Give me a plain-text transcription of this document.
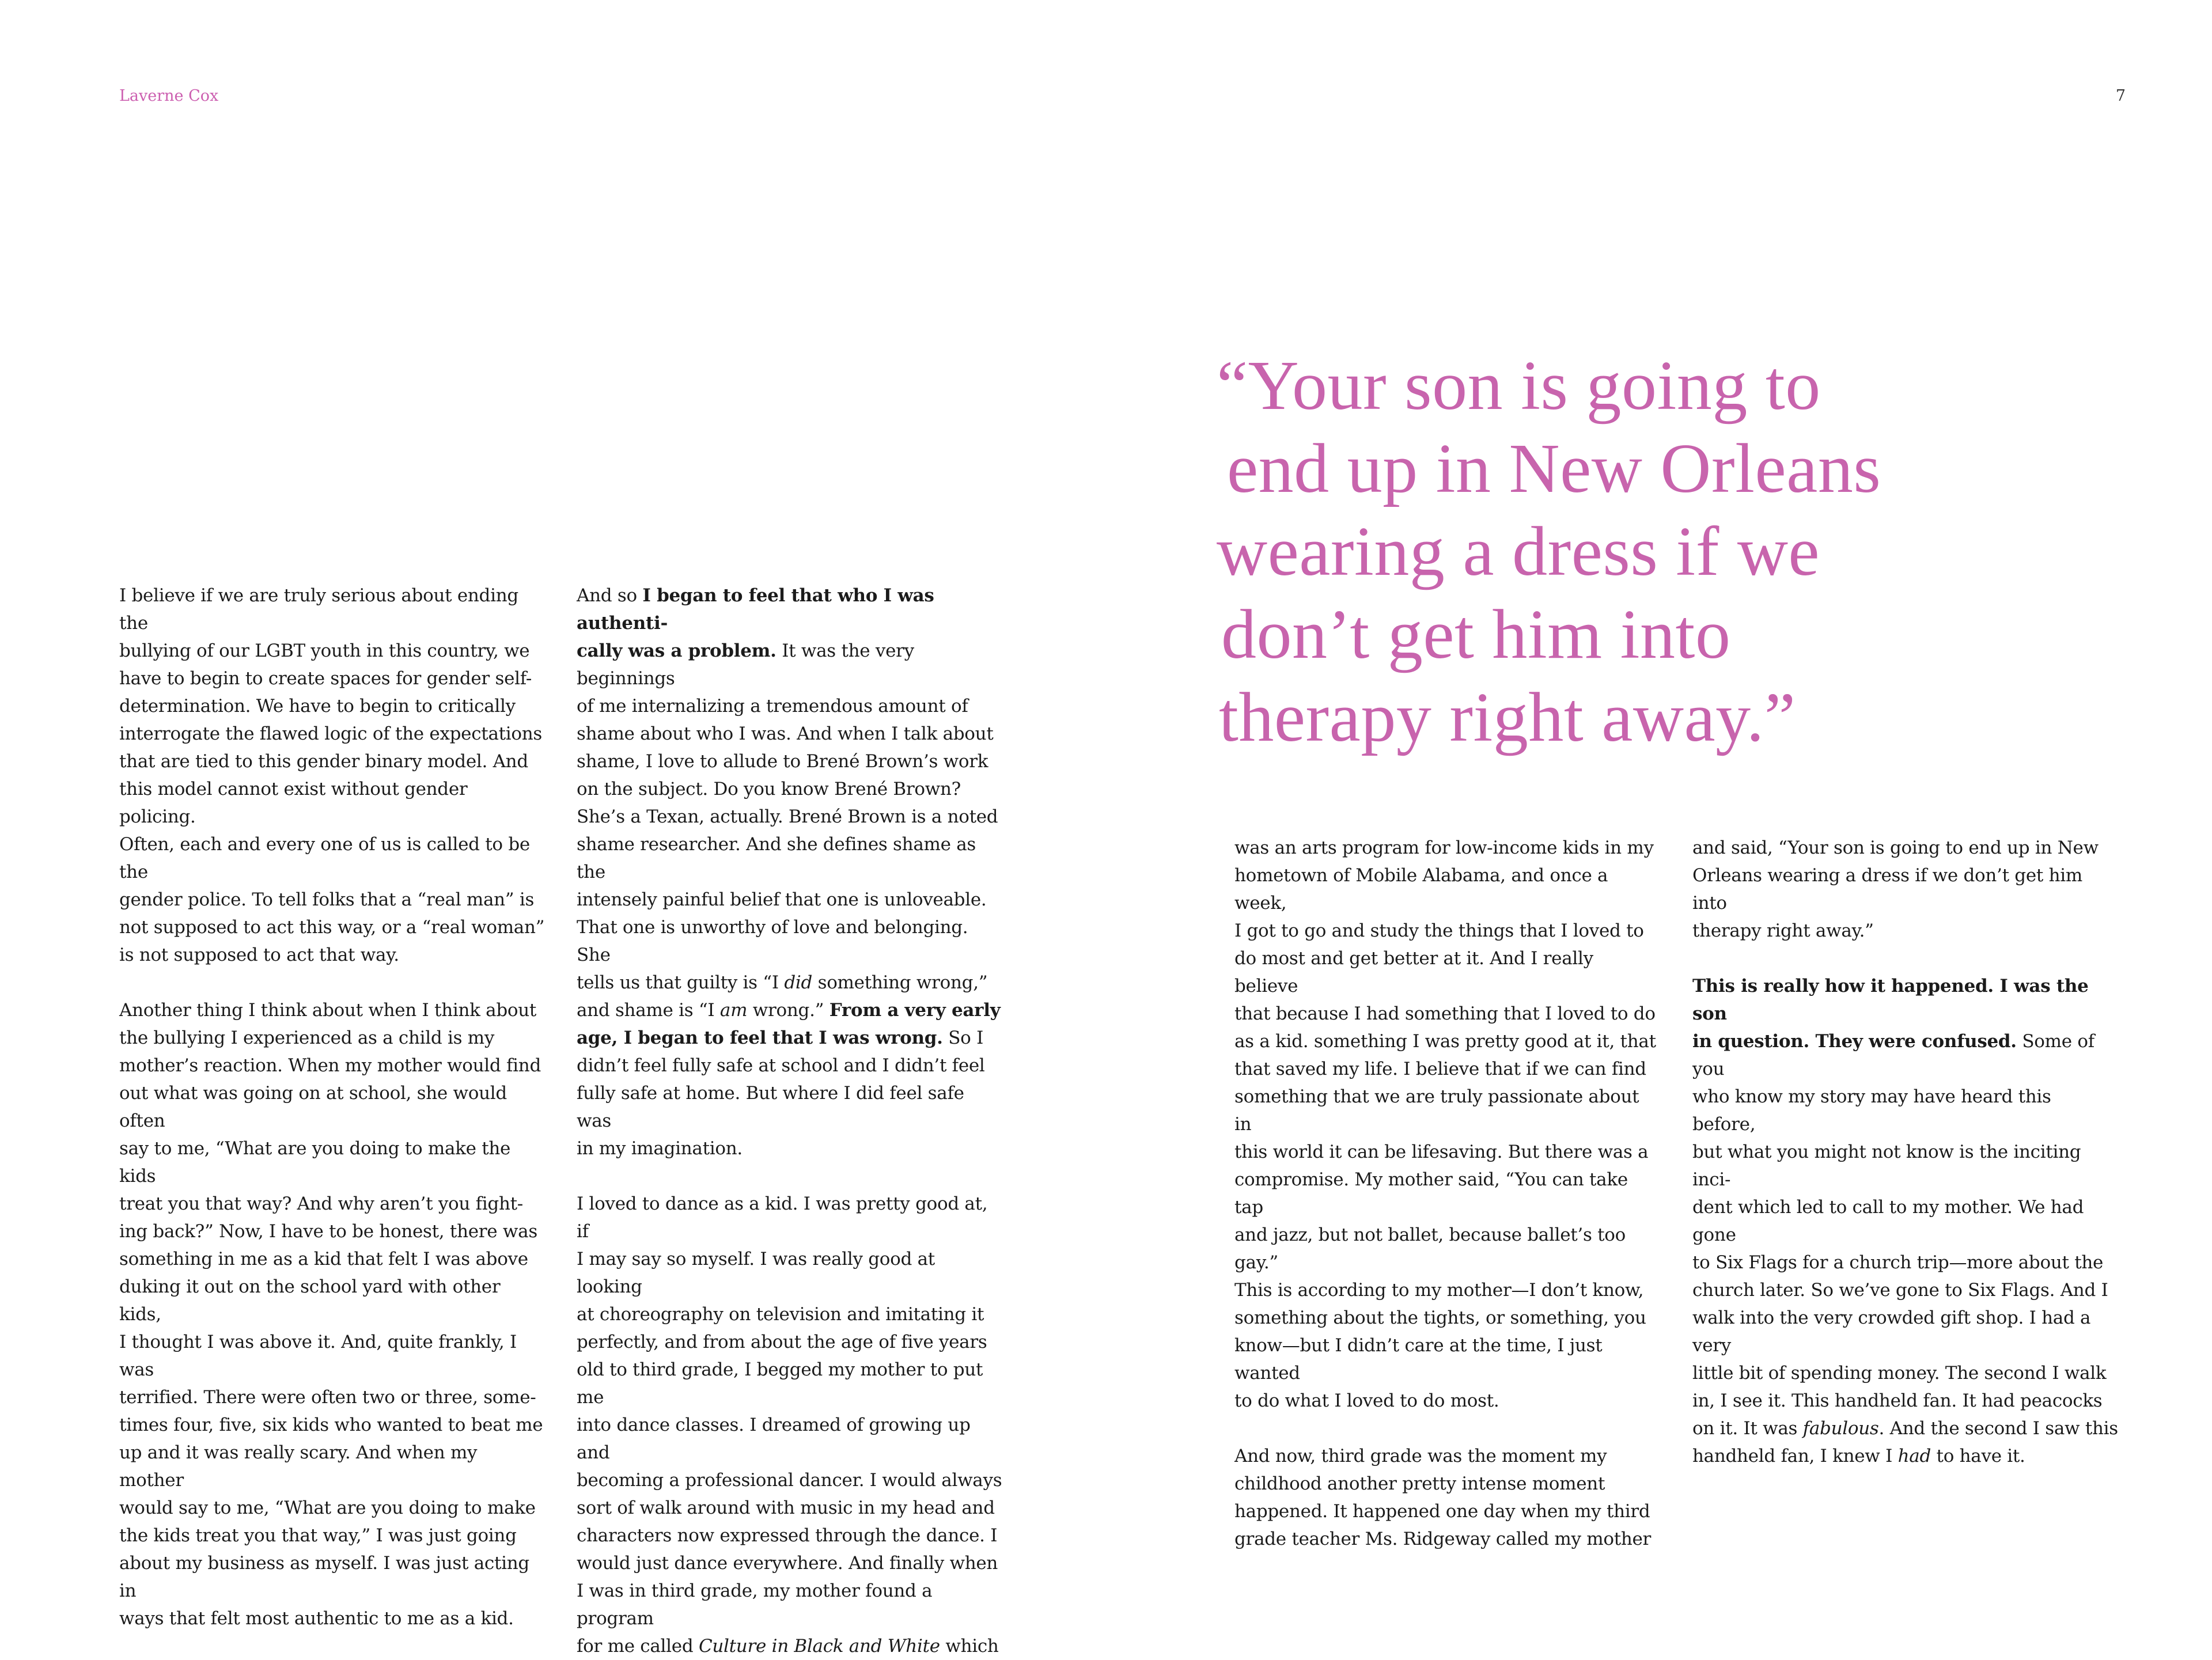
Laverne Cox	7

I believe if we are truly serious about ending the
bullying of our LGBT youth in this country, we
have to begin to create spaces for gender self-
determination. We have to begin to critically
interrogate the flawed logic of the expectations
that are tied to this gender binary model. And
this model cannot exist without gender policing.
Often, each and every one of us is called to be the
gender police. To tell folks that a “real man” is
not supposed to act this way, or a “real woman”
is not supposed to act that way.

Another thing I think about when I think about
the bullying I experienced as a child is my
mother’s reaction. When my mother would find
out what was going on at school, she would often
say to me, “What are you doing to make the kids
treat you that way? And why aren’t you fight-
ing back?” Now, I have to be honest, there was
something in me as a kid that felt I was above
duking it out on the school yard with other kids,
I thought I was above it. And, quite frankly, I was
terrified. There were often two or three, some-
times four, five, six kids who wanted to beat me
up and it was really scary. And when my mother
would say to me, “What are you doing to make
the kids treat you that way,” I was just going
about my business as myself. I was just acting in
ways that felt most authentic to me as a kid.

And so I began to feel that who I was authenti-
cally was a problem. It was the very beginnings
of me internalizing a tremendous amount of
shame about who I was. And when I talk about
shame, I love to allude to Brené Brown’s work
on the subject. Do you know Brené Brown?
She’s a Texan, actually. Brené Brown is a noted
shame researcher. And she defines shame as the
intensely painful belief that one is unloveable.
That one is unworthy of love and belonging. She
tells us that guilty is “I did something wrong,”
and shame is “I am wrong.” From a very early
age, I began to feel that I was wrong. So I
didn’t feel fully safe at school and I didn’t feel
fully safe at home. But where I did feel safe was
in my imagination.

I loved to dance as a kid. I was pretty good at, if
I may say so myself. I was really good at looking
at choreography on television and imitating it
perfectly, and from about the age of five years
old to third grade, I begged my mother to put me
into dance classes. I dreamed of growing up and
becoming a professional dancer. I would always
sort of walk around with music in my head and
characters now expressed through the dance. I
would just dance everywhere. And finally when
I was in third grade, my mother found a program
for me called Culture in Black and White which

“Your son is going to
end up in New Orleans
wearing a dress if we
don’t get him into
therapy right away.”

was an arts program for low-income kids in my
hometown of Mobile Alabama, and once a week,
I got to go and study the things that I loved to
do most and get better at it. And I really believe
that because I had something that I loved to do
as a kid. something I was pretty good at it, that
that saved my life. I believe that if we can find
something that we are truly passionate about in
this world it can be lifesaving. But there was a
compromise. My mother said, “You can take tap
and jazz, but not ballet, because ballet’s too gay.”
This is according to my mother—I don’t know,
something about the tights, or something, you
know—but I didn’t care at the time, I just wanted
to do what I loved to do most.

And now, third grade was the moment my
childhood another pretty intense moment
happened. It happened one day when my third
grade teacher Ms. Ridgeway called my mother

and said, “Your son is going to end up in New
Orleans wearing a dress if we don’t get him into
therapy right away.”

This is really how it happened. I was the son
in question. They were confused. Some of you
who know my story may have heard this before,
but what you might not know is the inciting inci-
dent which led to call to my mother. We had gone
to Six Flags for a church trip—more about the
church later. So we’ve gone to Six Flags. And I
walk into the very crowded gift shop. I had a very
little bit of spending money. The second I walk
in, I see it. This handheld fan. It had peacocks
on it. It was fabulous. And the second I saw this
handheld fan, I knew I had to have it.
